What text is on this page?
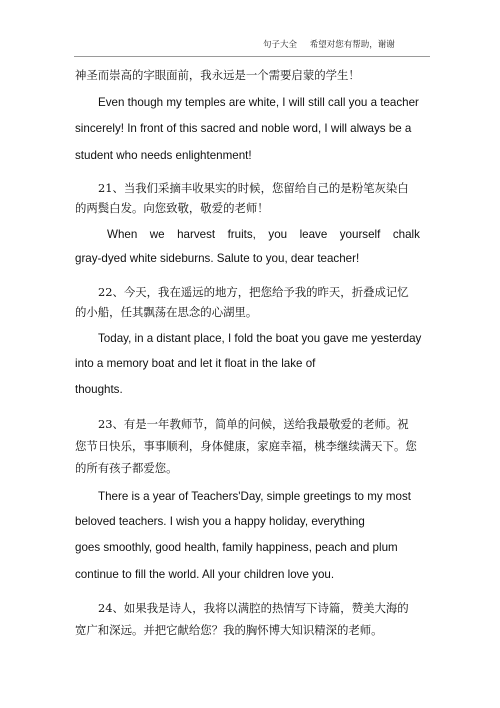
句子大全 希望对您有帮助，谢谢
神圣而崇高的字眼面前，我永远是一个需要启蒙的学生！
Even though my temples are white, I will still call you a teacher
sincerely! In front of this sacred and noble word, I will always be a
student who needs enlightenment!
21、当我们采摘丰收果实的时候，您留给自己的是粉笔灰染白
的两鬓白发。向您致敬，敬爱的老师！
When we harvest fruits, you leave yourself chalk
gray-dyed white sideburns. Salute to you, dear teacher!
22、今天，我在遥远的地方，把您给予我的昨天，折叠成记忆
的小船，任其飘荡在思念的心湖里。
Today, in a distant place, I fold the boat you gave me yesterday
into a memory boat and let it float in the lake of
thoughts.
23、有是一年教师节，简单的问候，送给我最敬爱的老师。祝
您节日快乐，事事顺利，身体健康，家庭幸福，桃李继续满天下。您
的所有孩子都爱您。
There is a year of Teachers'Day, simple greetings to my most
beloved teachers. I wish you a happy holiday, everything
goes smoothly, good health, family happiness, peach and plum
continue to fill the world. All your children love you.
24、如果我是诗人，我将以满腔的热情写下诗篇，赞美大海的
宽广和深远。并把它献给您？我的胸怀博大知识精深的老师。
